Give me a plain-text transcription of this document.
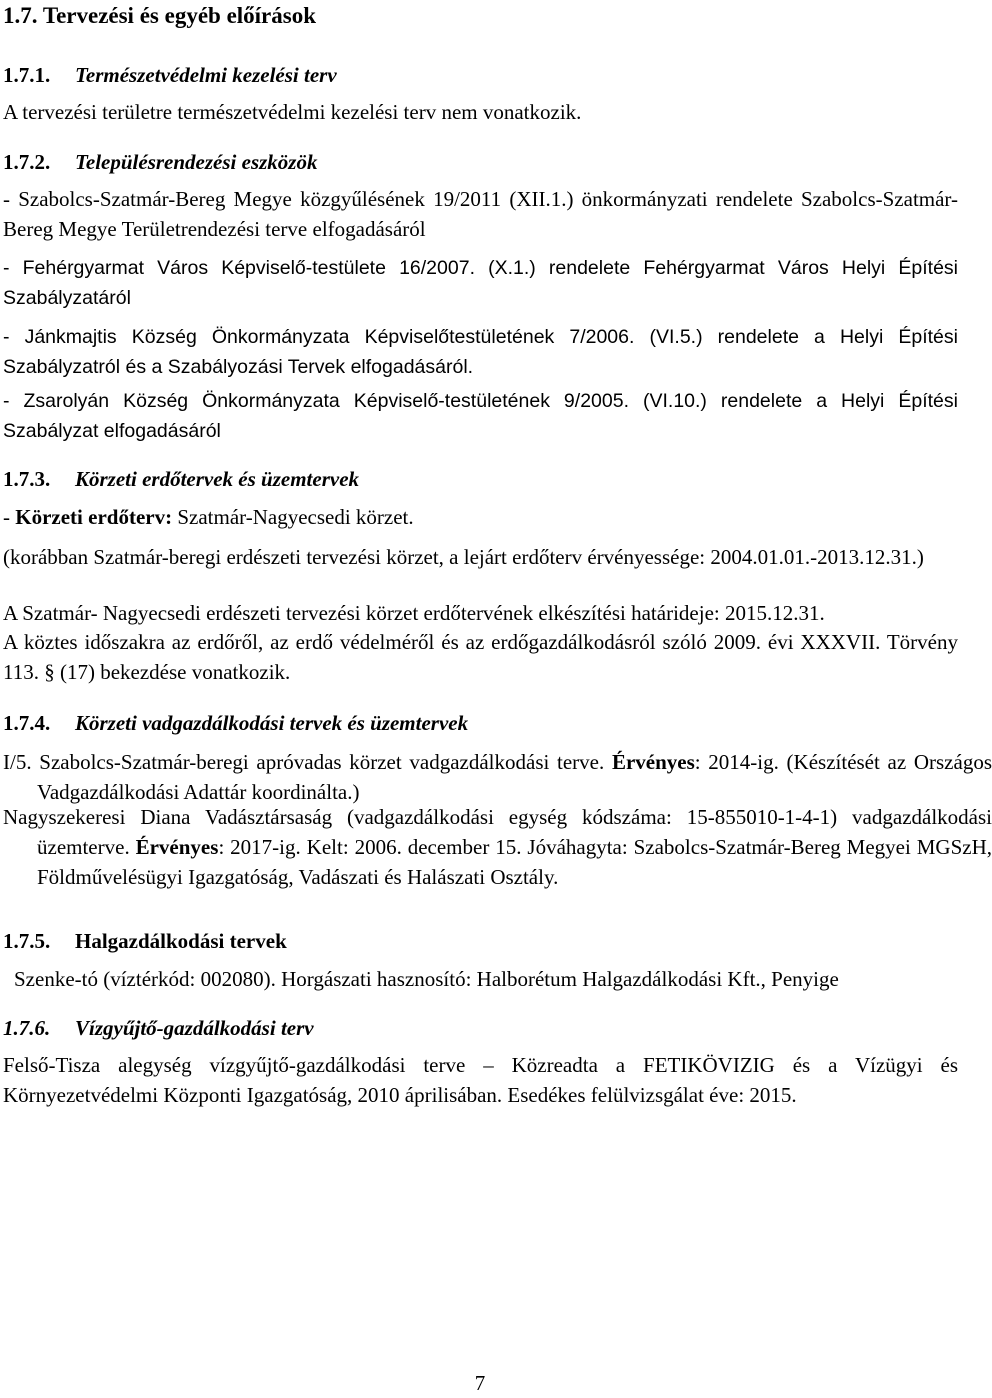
1.7. Tervezési és egyéb előírások
1.7.1. Természetvédelmi kezelési terv

A tervezési területre természetvédelmi kezelési terv nem vonatkozik.

1.7.2. Településrendezési eszközök

- Szabolcs-Szatmár-Bereg Megye közgyűlésének 19/2011 (XII.1.) önkormányzati rendelete Szabolcs-Szatmár-Bereg Megye Területrendezési terve elfogadásáról

- Fehérgyarmat Város Képviselő-testülete 16/2007. (X.1.) rendelete Fehérgyarmat Város Helyi Építési Szabályzatáról

- Jánkmajtis Község Önkormányzata Képviselőtestületének 7/2006. (VI.5.) rendelete a Helyi Építési Szabályzatról és a Szabályozási Tervek elfogadásáról.

- Zsarolyán Község Önkormányzata Képviselő-testületének 9/2005. (VI.10.) rendelete a Helyi Építési Szabályzat elfogadásáról

1.7.3. Körzeti erdőtervek és üzemtervek

- Körzeti erdőterv: Szatmár-Nagyecsedi körzet.

(korábban Szatmár-beregi erdészeti tervezési körzet, a lejárt erdőterv érvényessége: 2004.01.01.-2013.12.31.)

A Szatmár- Nagyecsedi erdészeti tervezési körzet erdőtervének elkészítési határideje: 2015.12.31.

A köztes időszakra az erdőről, az erdő védelméről és az erdőgazdálkodásról szóló 2009. évi XXXVII. Törvény 113. § (17) bekezdése vonatkozik.

1.7.4. Körzeti vadgazdálkodási tervek és üzemtervek

I/5. Szabolcs-Szatmár-beregi apróvadas körzet vadgazdálkodási terve. Érvényes: 2014-ig. (Készítését az Országos Vadgazdálkodási Adattár koordinálta.)

Nagyszekeresi Diana Vadásztársaság (vadgazdálkodási egység kódszáma: 15-855010-1-4-1) vadgazdálkodási üzemterve. Érvényes: 2017-ig. Kelt: 2006. december 15. Jóváhagyta: Szabolcs-Szatmár-Bereg Megyei MGSzH, Földművelésügyi Igazgatóság, Vadászati és Halászati Osztály.

1.7.5. Halgazdálkodási tervek

Szenke-tó (víztérkód: 002080). Horgászati hasznosító: Halborétum Halgazdálkodási Kft., Penyige

1.7.6. Vízgyűjtő-gazdálkodási terv

Felső-Tisza alegység vízgyűjtő-gazdálkodási terve – Közreadta a FETIKÖVIZIG és a Vízügyi és Környezetvédelmi Központi Igazgatóság, 2010 áprilisában. Esedékes felülvizsgálat éve: 2015.

7
